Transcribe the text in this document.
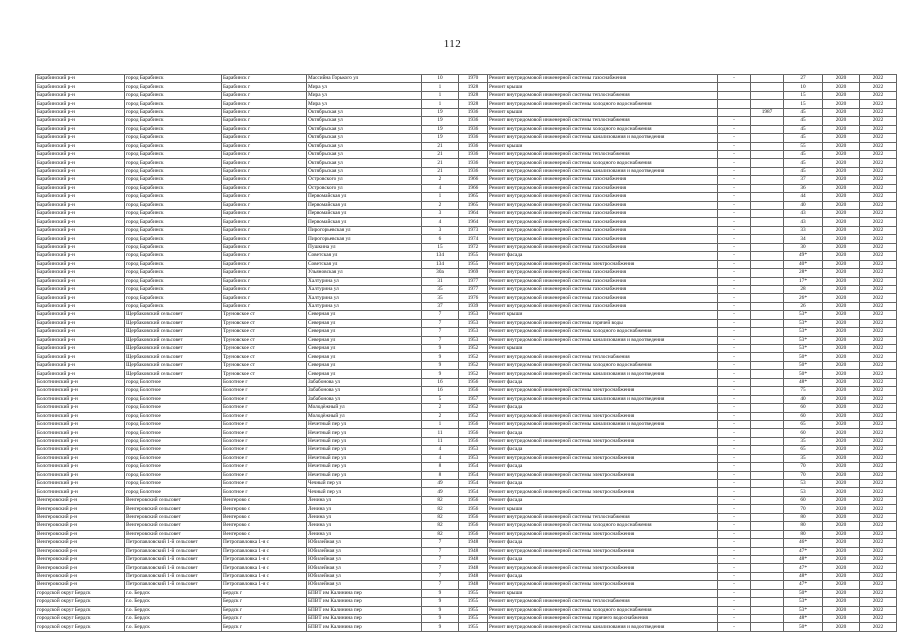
112
Барабинский р-н	город Барабинск	Барабинск г	Массийна Горького ул	10	1970	Ремонт внутридомовой инженерной системы газоснабжения	-		27	2020	2022
Барабинский р-н	город Барабинск	Барабинск г	Мира ул	1	1928	Ремонт крыши			10	2020	2022
Барабинский р-н	город Барабинск	Барабинск г	Мира ул	1	1928	Ремонт внутридомовой инженерной системы теплоснабжения			15	2020	2022
Барабинский р-н	город Барабинск	Барабинск г	Мира ул	1	1928	Ремонт внутридомовой инженерной системы холодного водоснабжения			15	2020	2022
Барабинский р-н	город Барабинск	Барабинск г	Октябрьская ул	19	1936	Ремонт крыши		1987	45	2020	2022
Барабинский р-н	город Барабинск	Барабинск г	Октябрьская ул	19	1936	Ремонт внутридомовой инженерной системы теплоснабжения	-		45	2020	2022
Барабинский р-н	город Барабинск	Барабинск г	Октябрьская ул	19	1936	Ремонт внутридомовой инженерной системы холодного водоснабжения	-		45	2020	2022
Барабинский р-н	город Барабинск	Барабинск г	Октябрьская ул	19	1936	Ремонт внутридомовой инженерной системы канализования и водоотведения	-		45	2020	2022
Барабинский р-н	город Барабинск	Барабинск г	Октябрьская ул	21	1936	Ремонт крыши	-		55	2020	2022
Барабинский р-н	город Барабинск	Барабинск г	Октябрьская ул	21	1936	Ремонт внутридомовой инженерной системы теплоснабжения	-		45	2020	2022
Барабинский р-н	город Барабинск	Барабинск г	Октябрьская ул	21	1936	Ремонт внутридомовой инженерной системы холодного водоснабжения	-		45	2020	2022
Барабинский р-н	город Барабинск	Барабинск г	Октябрьская ул	21	1936	Ремонт внутридомовой инженерной системы канализования и водоотведения	-		45	2020	2022
Барабинский р-н	город Барабинск	Барабинск г	Островского ул	2	1966	Ремонт внутридомовой инженерной системы газоснабжения	-		37	2020	2022
Барабинский р-н	город Барабинск	Барабинск г	Островского ул	4	1966	Ремонт внутридомовой инженерной системы газоснабжения	-		36	2020	2022
Барабинский р-н	город Барабинск	Барабинск г	Первомайская ул	1	1965	Ремонт внутридомовой инженерной системы газоснабжения	-		44	2020	2022
Барабинский р-н	город Барабинск	Барабинск г	Первомайская ул	2	1965	Ремонт внутридомовой инженерной системы газоснабжения	-		40	2020	2022
Барабинский р-н	город Барабинск	Барабинск г	Первомайская ул	3	1964	Ремонт внутридомовой инженерной системы газоснабжения	-		43	2020	2022
Барабинский р-н	город Барабинск	Барабинск г	Первомайская ул	4	1964	Ремонт внутридомовой инженерной системы газоснабжения	-		43	2020	2022
Барабинский р-н	город Барабинск	Барабинск г	Пирогорьевская ул	3	1973	Ремонт внутридомовой инженерной системы газоснабжения	-		33	2020	2022
Барабинский р-н	город Барабинск	Барабинск г	Пирогорьевская ул	6	1974	Ремонт внутридомовой инженерной системы газоснабжения	-		34	2020	2022
Барабинский р-н	город Барабинск	Барабинск г	Пушкина ул	15	1972	Ремонт внутридомовой инженерной системы газоснабжения	-		30	2020	2022
Барабинский р-н	город Барабинск	Барабинск г	Советская ул	134	1955	Ремонт фасада	-		49*	2020	2022
Барабинский р-н	город Барабинск	Барабинск г	Советская ул	134	1955	Ремонт внутридомовой инженерной системы электроснабжения	-		40*	2020	2022
Барабинский р-н	город Барабинск	Барабинск г	Ульяновская ул	30а	1969	Ремонт внутридомовой инженерной системы газоснабжения	-		28*	2020	2022
Барабинский р-н	город Барабинск	Барабинск г	Халтурина ул	31	1977	Ремонт внутридомовой инженерной системы газоснабжения	-		17*	2020	2022
Барабинский р-н	город Барабинск	Барабинск г	Халтурина ул	35	1977	Ремонт внутридомовой инженерной системы газоснабжения	-		28	2020	2022
Барабинский р-н	город Барабинск	Барабинск г	Халтурина ул	35	1976	Ремонт внутридомовой инженерной системы газоснабжения	-		26*	2020	2022
Барабинский р-н	город Барабинск	Барабинск г	Халтурина ул	37	1939	Ремонт внутридомовой инженерной системы газоснабжения	-		26	2020	2022
Барабинский р-н	Щербаковский сельсовет	Труновское ст	Северная ул	7	1953	Ремонт крыши	-		53*	2020	2022
Барабинский р-н	Щербаковский сельсовет	Труновское ст	Северная ул	7	1953	Ремонт внутридомовой инженерной системы горячей воды	-		53*	2020	2022
Барабинский р-н	Щербаковский сельсовет	Труновское ст	Северная ул	7	1953	Ремонт внутридомовой инженерной системы холодного водоснабжения	-		53*	2020	2022
Барабинский р-н	Щербаковский сельсовет	Труновское ст	Северная ул	7	1953	Ремонт внутридомовой инженерной системы канализования и водоотведения	-		53*	2020	2022
Барабинский р-н	Щербаковский сельсовет	Труновское ст	Северная ул	9	1952	Ремонт крыши	-		53*	2020	2022
Барабинский р-н	Щербаковский сельсовет	Труновское ст	Северная ул	9	1952	Ремонт внутридомовой инженерной системы теплоснабжения	-		50*	2020	2022
Барабинский р-н	Щербаковский сельсовет	Труновское ст	Северная ул	9	1952	Ремонт внутридомовой инженерной системы холодного водоснабжения	-		50*	2020	2022
Барабинский р-н	Щербаковский сельсовет	Труновское ст	Северная ул	9	1952	Ремонт внутридомовой инженерной системы канализования и водоотведения	-		50*	2020	2022
Болотнинский р-н	город Болотное	Болотное г	Забабонова ул	16	1956	Ремонт фасада	-		48*	2020	2022
Болотнинский р-н	город Болотное	Болотное г	Забабонова ул	16	1956	Ремонт внутридомовой инженерной системы электроснабжения	-		75	2020	2022
Болотнинский р-н	город Болотное	Болотное г	Забабонова ул	5	1957	Ремонт внутридомовой инженерной системы канализования и водоотведения	-		40	2020	2022
Болотнинский р-н	город Болотное	Болотное г	Молодёжный ул	2	1952	Ремонт фасада	-		60	2020	2022
Болотнинский р-н	город Болотное	Болотное г	Молодёжный ул	2	1952	Ремонт внутридомовой инженерной системы электроснабжения	-		60	2020	2022
Болотнинский р-н	город Болотное	Болотное г	Нечетный пер ул	1	1956	Ремонт внутридомовой инженерной системы канализования и водоотведения	-		65	2020	2022
Болотнинский р-н	город Болотное	Болотное г	Нечетный пер ул	11	1956	Ремонт фасада	-		60	2020	2022
Болотнинский р-н	город Болотное	Болотное г	Нечетный пер ул	11	1956	Ремонт внутридомовой инженерной системы электроснабжения	-		35	2020	2022
Болотнинский р-н	город Болотное	Болотное г	Нечетный пер ул	4	1953	Ремонт фасада	-		65	2020	2022
Болотнинский р-н	город Болотное	Болотное г	Нечетный пер ул	4	1953	Ремонт внутридомовой инженерной системы электроснабжения	-		35	2020	2022
Болотнинский р-н	город Болотное	Болотное г	Нечетный пер ул	8	1954	Ремонт фасада	-		70	2020	2022
Болотнинский р-н	город Болотное	Болотное г	Нечетный пер ул	8	1954	Ремонт внутридомовой инженерной системы электроснабжения	-		70	2020	2022
Болотнинский р-н	город Болотное	Болотное г	Чечный пер ул	49	1954	Ремонт фасада	-		53	2020	2022
Болотнинский р-н	город Болотное	Болотное г	Чечный пер ул	49	1954	Ремонт внутридомовой инженерной системы электроснабжения	-		53	2020	2022
Венгеровский р-н	Венгеровский сельсовет	Венгерово с	Ленина ул	82	1956	Ремонт фасада	-		60	2020	2022
Венгеровский р-н	Венгеровский сельсовет	Венгерово с	Ленина ул	82	1956	Ремонт крыши	-		70	2020	2022
Венгеровский р-н	Венгеровский сельсовет	Венгерово с	Ленина ул	82	1956	Ремонт внутридомовой инженерной системы теплоснабжения	-		80	2020	2022
Венгеровский р-н	Венгеровский сельсовет	Венгерово с	Ленина ул	82	1956	Ремонт внутридомовой инженерной системы холодного водоснабжения	-		80	2020	2022
Венгеровский р-н	Венгеровский сельсовет	Венгерово с	Ленина ул	82	1956	Ремонт внутридомовой инженерной системы электроснабжения	-		80	2020	2022
Венгеровский р-н	Петропавловский 1-й сельсовет	Петропавловка 1-я с	Юбилейная ул	7	1948	Ремонт фасада	-		46*	2020	2022
Венгеровский р-н	Петропавловский 1-й сельсовет	Петропавловка 1-я с	Юбилейная ул	7	1948	Ремонт внутридомовой инженерной системы электроснабжения	-		47*	2020	2022
Венгеровский р-н	Петропавловский 1-й сельсовет	Петропавловка 1-я с	Юбилейная ул	7	1948	Ремонт фасада	-		48*	2020	2022
Венгеровский р-н	Петропавловский 1-й сельсовет	Петропавловка 1-я с	Юбилейная ул	7	1948	Ремонт внутридомовой инженерной системы электроснабжения	-		47*	2020	2022
Венгеровский р-н	Петропавловский 1-й сельсовет	Петропавловка 1-я с	Юбилейная ул	7	1948	Ремонт фасада	-		48*	2020	2022
Венгеровский р-н	Петропавловский 1-й сельсовет	Петропавловка 1-я с	Юбилейная ул	7	1948	Ремонт внутридомовой инженерной системы электроснабжения	-		47*	2020	2022
городской округ Бердск	г.о. Бердск	Бердск г	БПВТ им Калинина пер	9	1955	Ремонт крыши	-		50*	2020	2022
городской округ Бердск	г.о. Бердск	Бердск г	БПВТ им Калинина пер	9	1955	Ремонт внутридомовой инженерной системы теплоснабжения	-		53*	2020	2022
городской округ Бердск	г.о. Бердск	Бердск г	БПВТ им Калинина пер	9	1955	Ремонт внутридомовой инженерной системы холодного водоснабжения	-		53*	2020	2022
городской округ Бердск	г.о. Бердск	Бердск г	БПВТ им Калинина пер	9	1955	Ремонт внутридомовой инженерной системы горячего водоснабжения	-		48*	2020	2022
городской округ Бердск	г.о. Бердск	Бердск г	БПВТ им Калинина пер	9	1955	Ремонт внутридомовой инженерной системы канализования и водоотведения	-		50*	2020	2022
